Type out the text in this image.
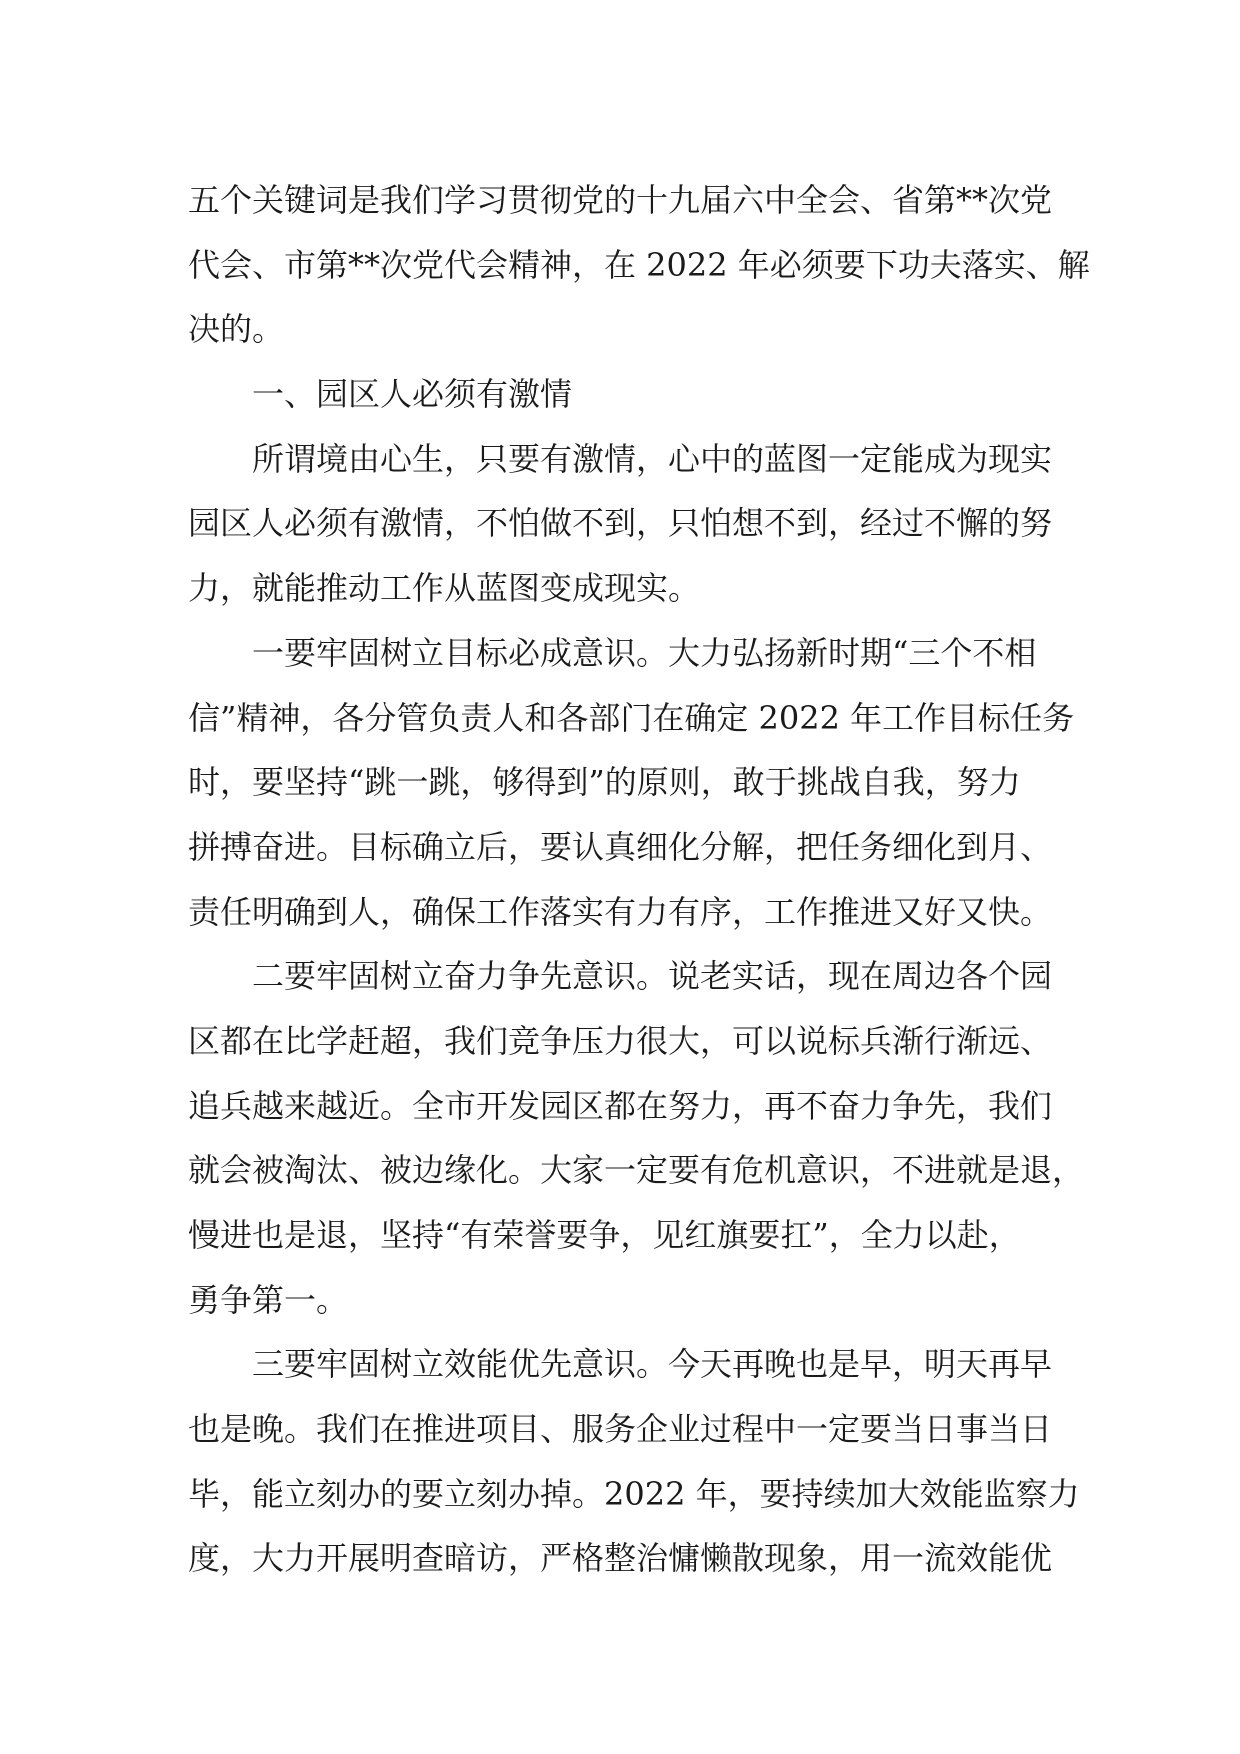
五个关键词是我们学习贯彻党的十九届六中全会、省第**次党
代会、市第**次党代会精神，在 2022 年必须要下功夫落实、解
决的。
一、园区人必须有激情
所谓境由心生，只要有激情，心中的蓝图一定能成为现实
园区人必须有激情，不怕做不到，只怕想不到，经过不懈的努
力，就能推动工作从蓝图变成现实。
一要牢固树立目标必成意识。大力弘扬新时期“三个不相
信”精神，各分管负责人和各部门在确定 2022 年工作目标任务
时，要坚持“跳一跳，够得到”的原则，敢于挑战自我，努力
拼搏奋进。目标确立后，要认真细化分解，把任务细化到月、
责任明确到人，确保工作落实有力有序，工作推进又好又快。
二要牢固树立奋力争先意识。说老实话，现在周边各个园
区都在比学赶超，我们竞争压力很大，可以说标兵渐行渐远、
追兵越来越近。全市开发园区都在努力，再不奋力争先，我们
就会被淘汰、被边缘化。大家一定要有危机意识，不进就是退，
慢进也是退，坚持“有荣誉要争，见红旗要扛”，全力以赴，
勇争第一。
三要牢固树立效能优先意识。今天再晚也是早，明天再早
也是晚。我们在推进项目、服务企业过程中一定要当日事当日
毕，能立刻办的要立刻办掉。2022 年，要持续加大效能监察力
度，大力开展明查暗访，严格整治慵懒散现象，用一流效能优
